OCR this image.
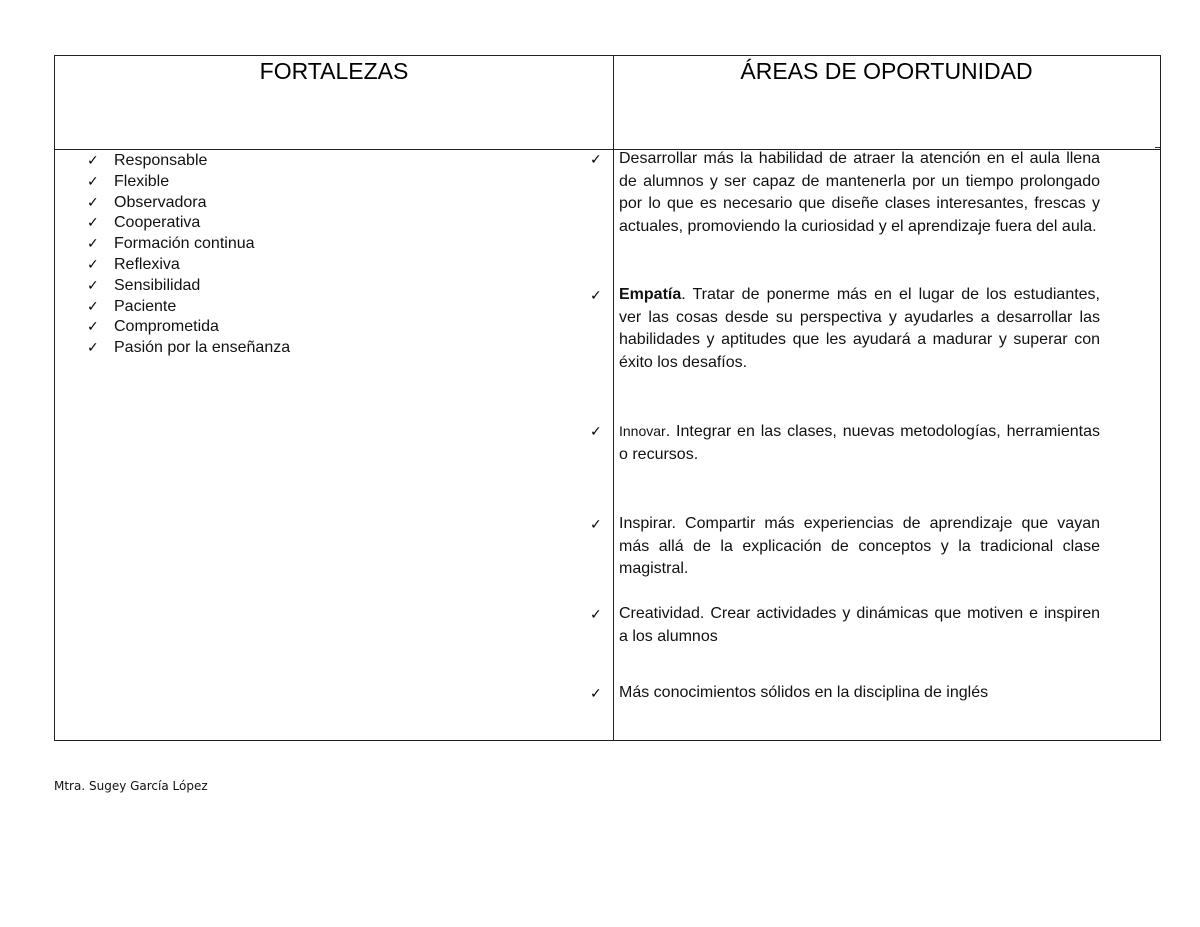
FORTALEZAS	ÁREAS DE OPORTUNIDAD
✓ Responsable
✓ Flexible
✓ Observadora
✓ Cooperativa
✓ Formación continua
✓ Reflexiva
✓ Sensibilidad
✓ Paciente
✓ Comprometida
✓ Pasión por la enseñanza
✓	Desarrollar más la habilidad de atraer la atención en el aula llena de alumnos y ser capaz de mantenerla por un tiempo prolongado por lo que es necesario que diseñe clases interesantes, frescas y actuales, promoviendo la curiosidad y el aprendizaje fuera del aula.
✓	Empatía. Tratar de ponerme más en el lugar de los estudiantes, ver las cosas desde su perspectiva y ayudarles a desarrollar las habilidades y aptitudes que les ayudará a madurar y superar con éxito los desafíos.
✓	Innovar. Integrar en las clases, nuevas metodologías, herramientas o recursos.
✓	Inspirar. Compartir más experiencias de aprendizaje que vayan más allá de la explicación de conceptos y la tradicional clase magistral.
✓	Creatividad. Crear actividades y dinámicas que motiven e inspiren a los alumnos
✓	Más conocimientos sólidos en la disciplina de inglés
Mtra. Sugey García López
